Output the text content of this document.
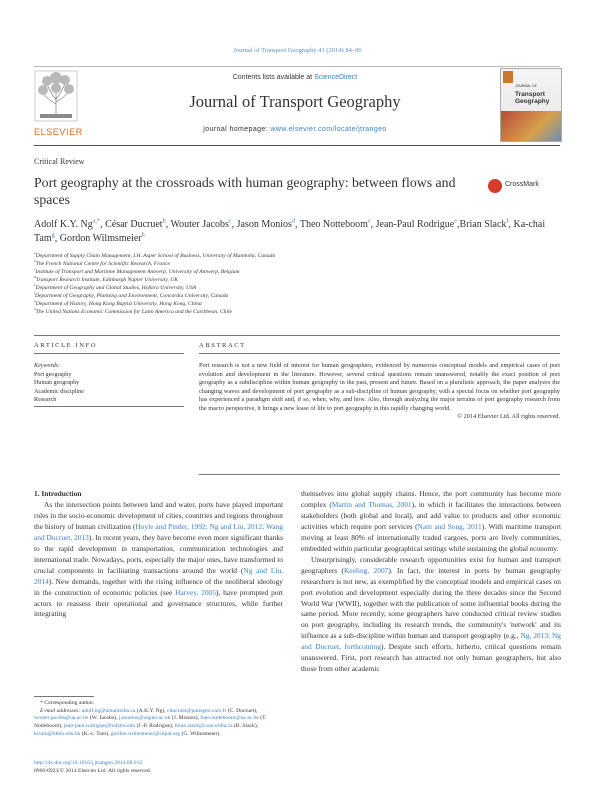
Journal of Transport Geography 41 (2014) 84–96
ELSEVIER
Contents lists available at ScienceDirect
Journal of Transport Geography
journal homepage: www.elsevier.com/locate/jtrangeo
JOURNAL OF
Transport
Geography
Critical Review
Port geography at the crossroads with human geography: between flows and spaces
CrossMark
Adolf K.Y. $Ng^{a,*}$, César Ducruet$^b$, Wouter Jacobs$^c$, Jason Monios$^d$, Theo Notteboom$^c$, Jean-Paul Rodrigue$^e$,Brian Slack$^f$, Ka-chai Tam$^g$, Gordon Wilmsmeier$^h$
$^a$Department of Supply Chain Management, I.H. Asper School of Business, University of Manitoba, Canada
$^b$The French National Centre for Scientific Research, France
$^c$Institute of Transport and Maritime Management Antwerp, University of Antwerp, Belgium
$^d$Transport Research Institute, Edinburgh Napier University, UK
$^e$Department of Geography and Global Studies, Hofstra University, USA
$^f$Department of Geography, Planning and Environment, Concordia University, Canada
$^g$Department of History, Hong Kong Baptist University, Hong Kong, China
$^h$The United Nations Economic Commission for Latin America and the Caribbean, Chile
ARTICLE INFO	ABSTRACT
Keywords:
Port geography
Human geography
Academic discipline
Research
Port research is not a new field of interest for human geographers, evidenced by numerous conceptual models and empirical cases of port evolution and development in the literature. However, several critical questions remain unanswered, notably the exact position of port geography as a subdiscipline within human geography in the past, present and future. Based on a pluralistic approach, the paper analyzes the changing waves and development of port geography as a sub-discipline of human geography, with a special focus on whether port geography has experienced a paradigm shift and, if so, when, why, and how. Also, through analyzing the major terrains of port geography research from the macro perspective, it brings a new lease of life to port geography in this rapidly changing world.
© 2014 Elsevier Ltd. All rights reserved.

1. Introduction

As the intersection points between land and water, ports have played important roles in the socio-economic development of cities, countries and regions throughout the history of human civilization (Hoyle and Pinder, 1992; Ng and Liu, 2012; Wang and Ducruet, 2013). In recent years, they have become even more significant thanks to the rapid development in transportation, communication technologies and international trade. Nowadays, ports, especially the major ones, have transformed to crucial components in facilitating transactions around the world (Ng and Liu, 2014). New demands, together with the rising influence of the neoliberal ideology in the construction of economic policies (see Harvey, 2005), have prompted port actors to reassess their operational and governance structures, while further integrating

themselves into global supply chains. Hence, the port community has become more complex (Martin and Thomas, 2001), in which it facilitates the interactions between stakeholders (both global and local), and add value to products and other economic activities which require port services (Nam and Song, 2011). With maritime transport moving at least 80% of internationally traded cargoes, ports are lively communities, embedded within particular geographical settings while sustaining the global economy.

Unsurprisingly, considerable research opportunities exist for human and transport geographers (Keeling, 2007). In fact, the interest in ports by human geography researchers is not new, as exemplified by the conceptual models and empirical cases on port evolution and development especially during the three decades since the Second World War (WWII), together with the publication of some influential books during the same period. More recently, some geographers have conducted critical review studies on port geography, including its research trends, the community's 'network' and its influence as a sub-discipline within human and transport geography (e.g., Ng, 2013; Ng and Ducruet, forthcoming). Despite such efforts, hitherto, critical questions remain unanswered. First, port research has attracted not only human geographers, but also those from other academic

* Corresponding author.
E-mail addresses: adolf.ng@umanitoba.ca (A.K.Y. Ng), cducruet@parisgeo.cnrs.fr (C. Ducruet), wouter.jacobs@ua.ac.be (W. Jacobs), j.monios@napier.ac.uk (J. Monios), theo.notteboom@ua.ac.be (T. Notteboom), jean-paul.rodrigue@hofstra.edu (J.-P. Rodrigue), brian.slack@concordia.ca (B. Slack), kctam@hkbu.edu.hk (K.-c. Tam), gordon.wilmsmeier@cepal.org (G. Wilmsmeier).
http://dx.doi.org/10.1016/j.jtrangeo.2014.08.012
0966-6923/© 2014 Elsevier Ltd. All rights reserved.
